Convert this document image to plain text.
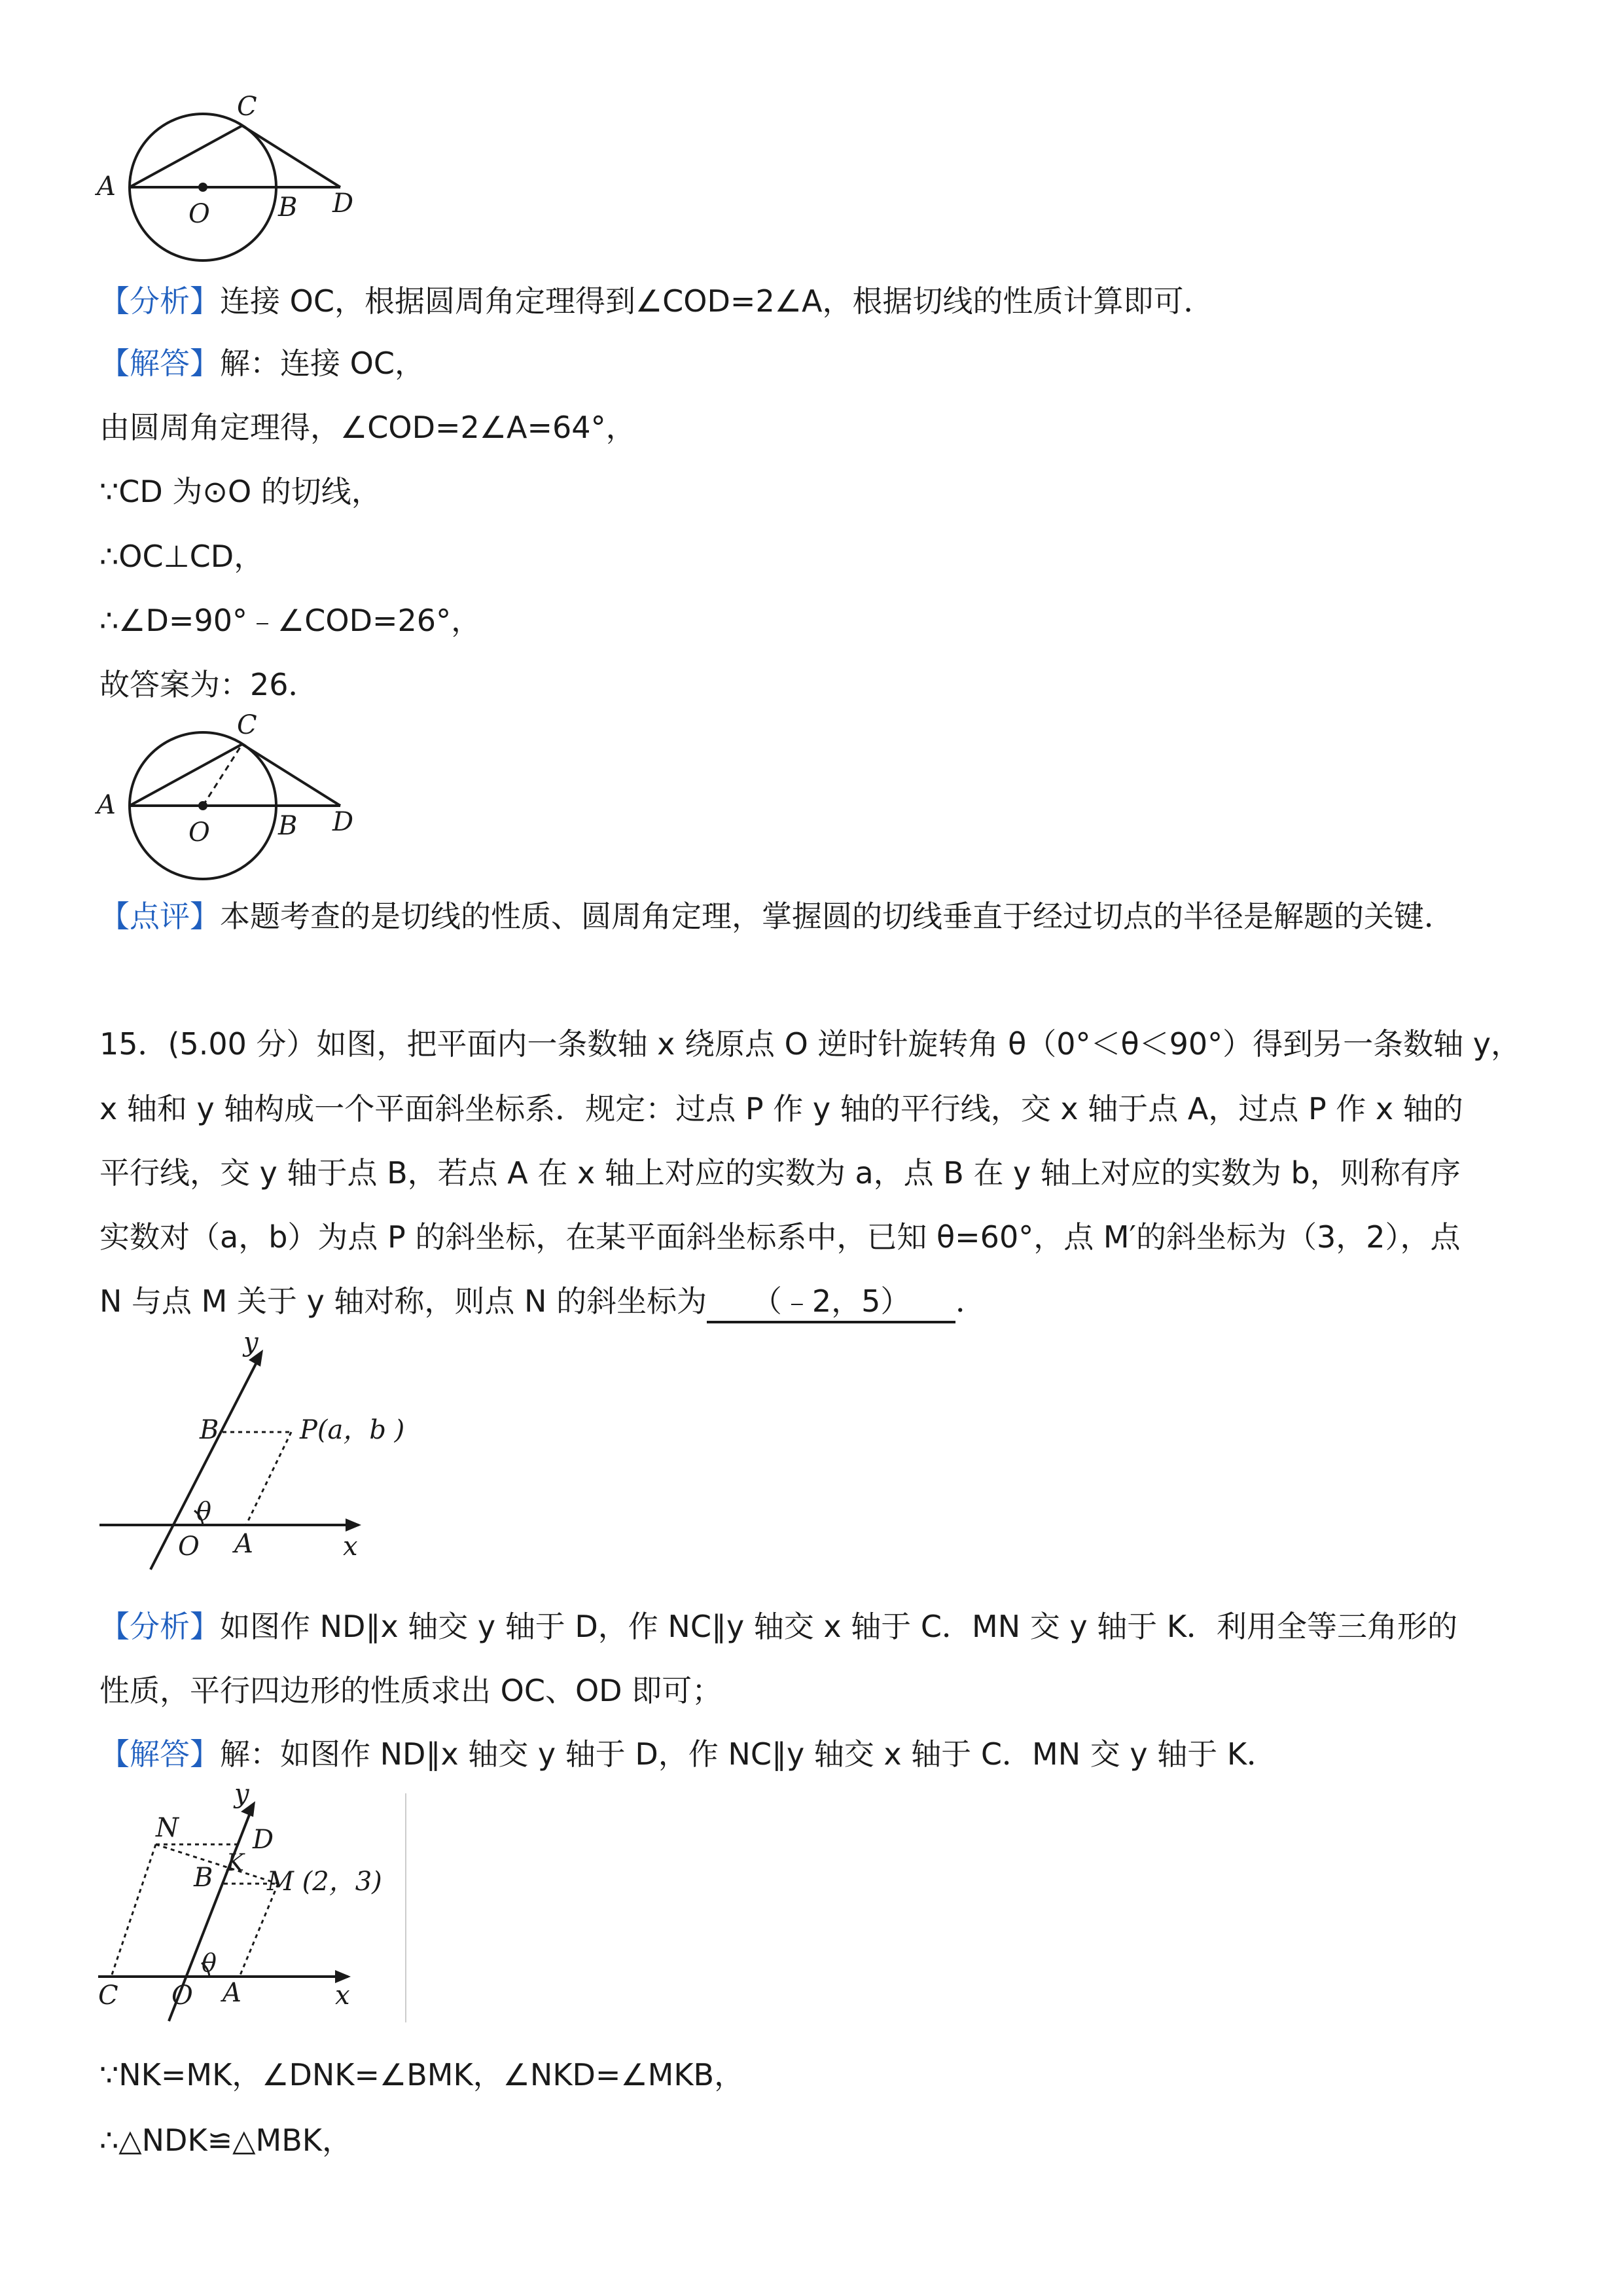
A
C
O	B D
【分析】连接 OC，根据圆周角定理得到∠COD=2∠A，根据切线的性质计算即可．
【解答】解：连接 OC，
由圆周角定理得，∠COD=2∠A=64°，
∵CD 为⊙O 的切线，
∴OC⊥CD，
∴∠D=90°﹣∠COD=26°，
故答案为：26．
A
C
O	B D
【点评】本题考查的是切线的性质、圆周角定理，掌握圆的切线垂直于经过切点的半径是解题的关键．
15．(5.00 分）如图，把平面内一条数轴 x 绕原点 O 逆时针旋转角 θ（0°＜θ＜90°）得到另一条数轴 y，
x 轴和 y 轴构成一个平面斜坐标系．规定：过点 P 作 y 轴的平行线，交 x 轴于点 A，过点 P 作 x 轴的
平行线，交 y 轴于点 B，若点 A 在 x 轴上对应的实数为 a，点 B 在 y 轴上对应的实数为 b，则称有序
实数对（a，b）为点 P 的斜坐标，在某平面斜坐标系中，已知 θ=60°，点 M′的斜坐标为（3，2），点
N 与点 M 关于 y 轴对称，则点 N 的斜坐标为 （﹣2，5） ．
y
B	P(a，b )
θ
O A	x
【分析】如图作 ND∥x 轴交 y 轴于 D，作 NC∥y 轴交 x 轴于 C．MN 交 y 轴于 K．利用全等三角形的
性质，平行四边形的性质求出 OC、OD 即可；
【解答】解：如图作 ND∥x 轴交 y 轴于 D，作 NC∥y 轴交 x 轴于 C．MN 交 y 轴于 K．
y
N	D
K
B M (2，3)
θ
C O A	x
∵NK=MK，∠DNK=∠BMK，∠NKD=∠MKB，
∴△NDK≌△MBK，
